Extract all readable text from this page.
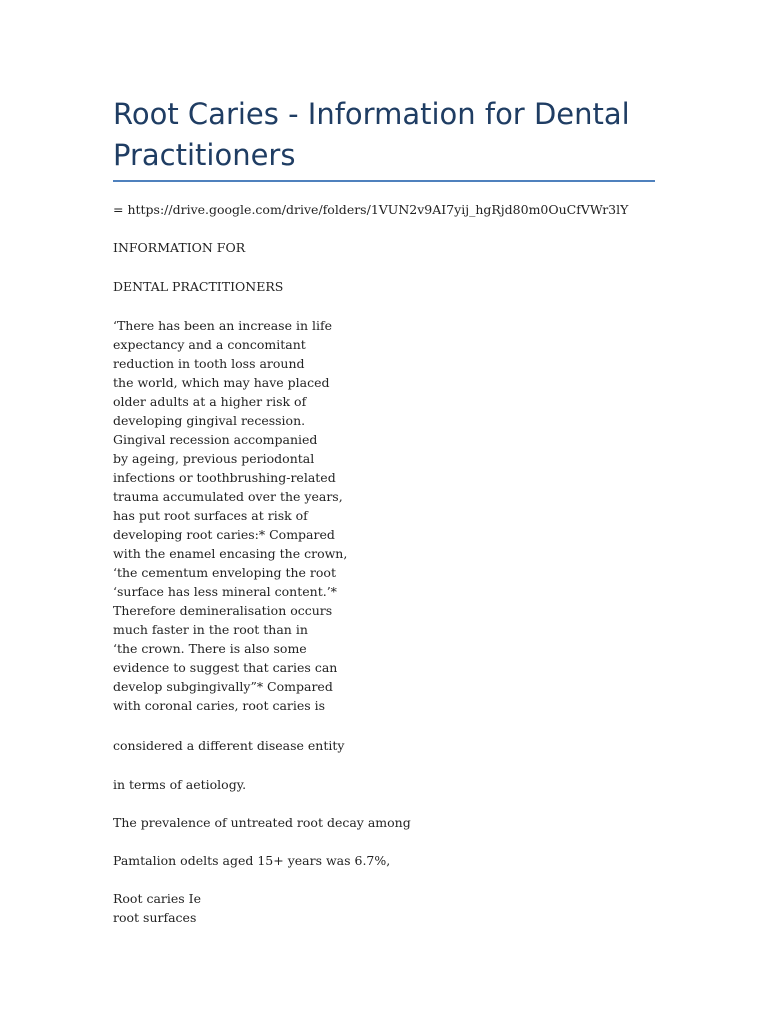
Root Caries - Information for Dental Practitioners

= https://drive.google.com/drive/folders/1VUN2v9AI7yij_hgRjd80m0OuCfVWr3lY

INFORMATION FOR

DENTAL PRACTITIONERS

‘There has been an increase in life
expectancy and a concomitant
reduction in tooth loss around
the world, which may have placed
older adults at a higher risk of
developing gingival recession.
Gingival recession accompanied
by ageing, previous periodontal
infections or toothbrushing-related
trauma accumulated over the years,
has put root surfaces at risk of
developing root caries:* Compared
with the enamel encasing the crown,
‘the cementum enveloping the root
‘surface has less mineral content.’*
Therefore demineralisation occurs
much faster in the root than in
‘the crown. There is also some
evidence to suggest that caries can
develop subgingivally”* Compared
with coronal caries, root caries is

considered a different disease entity

in terms of aetiology.

The prevalence of untreated root decay among

Pamtalion odelts aged 15+ years was 6.7%,

Root caries Ie
root surfaces
